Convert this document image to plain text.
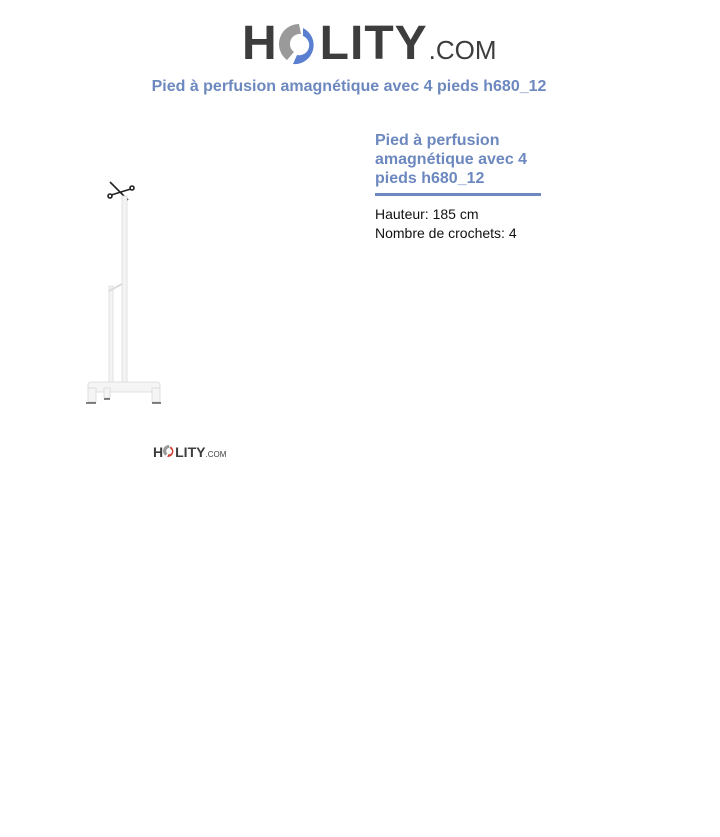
H LITY .COM
Pied à perfusion amagnétique avec 4 pieds h680_12
H LITY .COM
Pied à perfusion amagnétique avec 4 pieds h680_12
Hauteur: 185 cm
Nombre de crochets: 4
